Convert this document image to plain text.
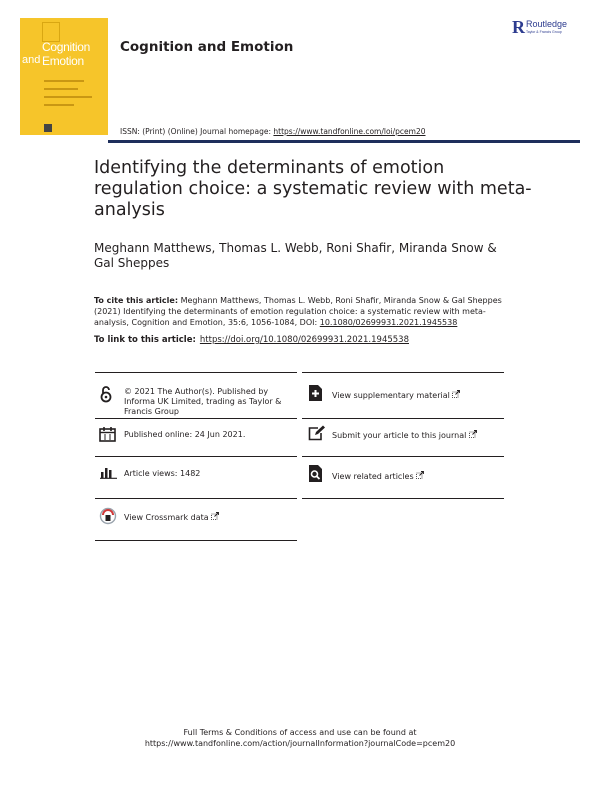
Cognition
and Emotion
Cognition and Emotion
R Routledge
Taylor & Francis Group
ISSN: (Print) (Online) Journal homepage: https://www.tandfonline.com/loi/pcem20
Identifying the determinants of emotion regulation choice: a systematic review with meta-analysis
Meghann Matthews, Thomas L. Webb, Roni Shafir, Miranda Snow & Gal Sheppes
To cite this article: Meghann Matthews, Thomas L. Webb, Roni Shafir, Miranda Snow & Gal Sheppes (2021) Identifying the determinants of emotion regulation choice: a systematic review with meta-analysis, Cognition and Emotion, 35:6, 1056-1084, DOI: 10.1080/02699931.2021.1945538
To link to this article: https://doi.org/10.1080/02699931.2021.1945538
© 2021 The Author(s). Published by Informa UK Limited, trading as Taylor & Francis Group
Published online: 24 Jun 2021.
Article views: 1482
View Crossmark data
View supplementary material
Submit your article to this journal
View related articles
Full Terms & Conditions of access and use can be found at
https://www.tandfonline.com/action/journalInformation?journalCode=pcem20
